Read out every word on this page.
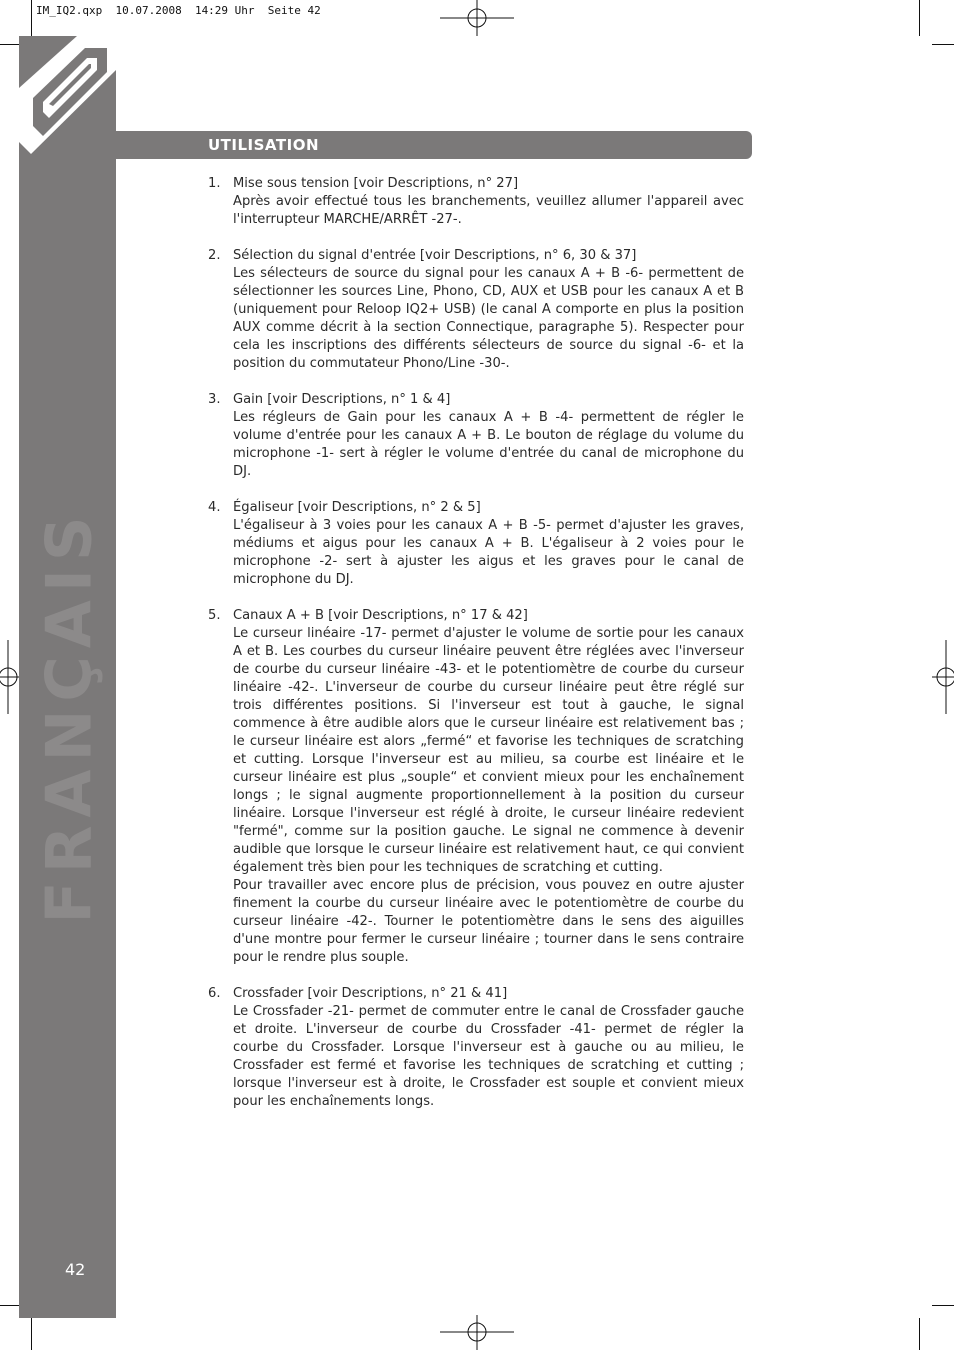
IM_IQ2.qxp  10.07.2008  14:29 Uhr  Seite 42
FRANÇAIS
42
UTILISATION
1. Mise sous tension [voir Descriptions, n° 27]

Après avoir effectué tous les branchements, veuillez allumer l'appareil avec l'interrupteur MARCHE/ARRÊT -27-.

2. Sélection du signal d'entrée [voir Descriptions, n° 6, 30 & 37]

Les sélecteurs de source du signal pour les canaux A + B -6- permettent de sélectionner les sources Line, Phono, CD, AUX et USB pour les canaux A et B (uniquement pour Reloop IQ2+ USB) (le canal A comporte en plus la position AUX comme décrit à la section Connectique, paragraphe 5). Respecter pour cela les inscriptions des différents sélecteurs de source du signal -6- et la position du commutateur Phono/Line -30-.

3. Gain [voir Descriptions, n° 1 & 4]

Les régleurs de Gain pour les canaux A + B -4- permettent de régler le volume d'entrée pour les canaux A + B. Le bouton de réglage du volume du microphone -1- sert à régler le volume d'entrée du canal de microphone du DJ.

4. Égaliseur [voir Descriptions, n° 2 & 5]

L'égaliseur à 3 voies pour les canaux A + B -5- permet d'ajuster les graves, médiums et aigus pour les canaux A + B. L'égaliseur à 2 voies pour le microphone -2- sert à ajuster les aigus et les graves pour le canal de microphone du DJ.

5. Canaux A + B [voir Descriptions, n° 17 & 42]

Le curseur linéaire -17- permet d'ajuster le volume de sortie pour les canaux A et B. Les courbes du curseur linéaire peuvent être réglées avec l'inverseur de courbe du curseur linéaire -43- et le potentiomètre de courbe du curseur linéaire -42-. L'inverseur de courbe du curseur linéaire peut être réglé sur trois différentes positions. Si l'inverseur est tout à gauche, le signal commence à être audible alors que le curseur linéaire est relativement bas ; le curseur linéaire est alors „fermé“ et favorise les techniques de scratching et cutting. Lorsque l'inverseur est au milieu, sa courbe est linéaire et le curseur linéaire est plus „souple“ et convient mieux pour les enchaînement longs ; le signal augmente proportionnellement à la position du curseur linéaire. Lorsque l'inverseur est réglé à droite, le curseur linéaire redevient "fermé", comme sur la position gauche. Le signal ne commence à devenir audible que lorsque le curseur linéaire est relativement haut, ce qui convient également très bien pour les techniques de scratching et cutting.

Pour travailler avec encore plus de précision, vous pouvez en outre ajuster finement la courbe du curseur linéaire avec le potentiomètre de courbe du curseur linéaire -42-. Tourner le potentiomètre dans le sens des aiguilles d'une montre pour fermer le curseur linéaire ; tourner dans le sens contraire pour le rendre plus souple.

6. Crossfader [voir Descriptions, n° 21 & 41]

Le Crossfader -21- permet de commuter entre le canal de Crossfader gauche et droite. L'inverseur de courbe du Crossfader -41- permet de régler la courbe du Crossfader. Lorsque l'inverseur est à gauche ou au milieu, le Crossfader est fermé et favorise les techniques de scratching et cutting ; lorsque l'inverseur est à droite, le Crossfader est souple et convient mieux pour les enchaînements longs.
